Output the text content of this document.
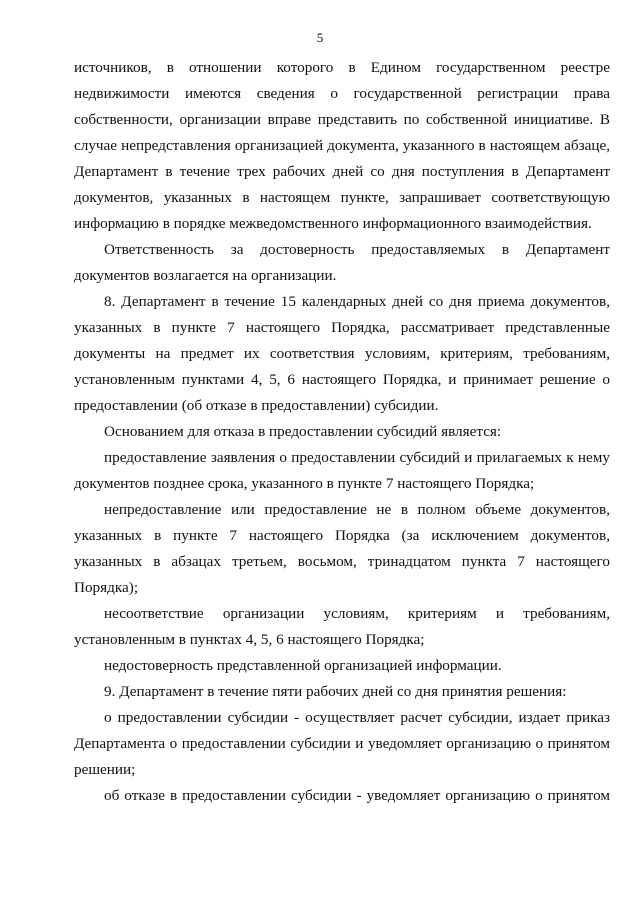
5

источников, в отношении которого в Едином государственном реестре недвижимости имеются сведения о государственной регистрации права собственности, организации вправе представить по собственной инициативе. В случае непредставления организацией документа, указанного в настоящем абзаце, Департамент в течение трех рабочих дней со дня поступления в Департамент документов, указанных в настоящем пункте, запрашивает соответствующую информацию в порядке межведомственного информационного взаимодействия.

Ответственность за достоверность предоставляемых в Департамент документов возлагается на организации.

8. Департамент в течение 15 календарных дней со дня приема документов, указанных в пункте 7 настоящего Порядка, рассматривает представленные документы на предмет их соответствия условиям, критериям, требованиям, установленным пунктами 4, 5, 6 настоящего Порядка, и принимает решение о предоставлении (об отказе в предоставлении) субсидии.

Основанием для отказа в предоставлении субсидий является:

предоставление заявления о предоставлении субсидий и прилагаемых к нему документов позднее срока, указанного в пункте 7 настоящего Порядка;

непредоставление или предоставление не в полном объеме документов, указанных в пункте 7 настоящего Порядка (за исключением документов, указанных в абзацах третьем, восьмом, тринадцатом пункта 7 настоящего Порядка);

несоответствие организации условиям, критериям и требованиям, установленным в пунктах 4, 5, 6 настоящего Порядка;

недостоверность представленной организацией информации.

9. Департамент в течение пяти рабочих дней со дня принятия решения:

о предоставлении субсидии - осуществляет расчет субсидии, издает приказ Департамента о предоставлении субсидии и уведомляет организацию о принятом решении;

об отказе в предоставлении субсидии - уведомляет организацию о принятом
